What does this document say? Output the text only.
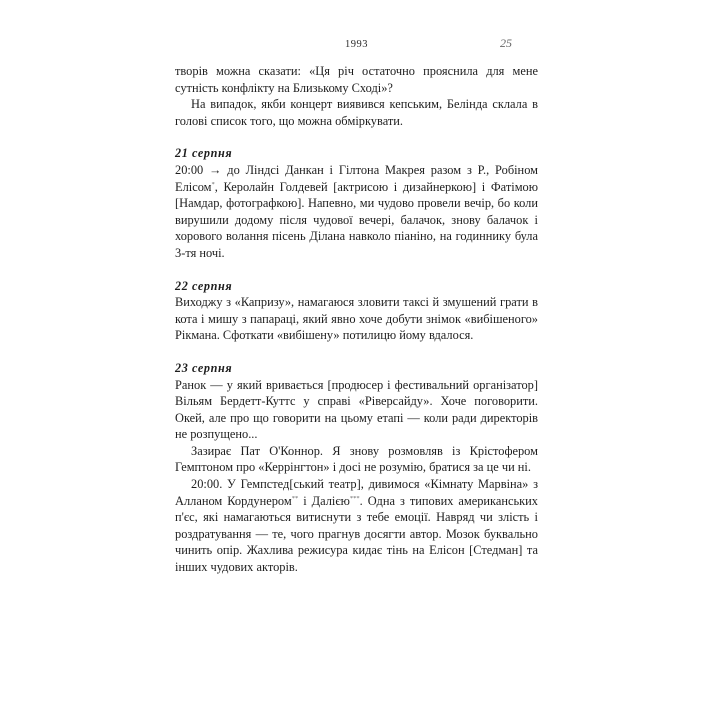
1993	25

творів можна сказати: «Ця річ остаточно прояснила для мене сутність конфлікту на Близькому Сході»?

На випадок, якби концерт виявився кепським, Белінда склала в голові список того, що можна обміркувати.

21 серпня

20:00 → до Ліндсі Данкан і Гілтона Макрея разом з Р., Робіном Елісом*, Керолайн Голдевей [актрисою і дизайнеркою] і Фатімою [Намдар, фотографкою]. Напевно, ми чудово провели вечір, бо коли вирушили додому після чудової вечері, балачок, знову балачок і хорового волання пісень Ділана навколо піаніно, на годиннику була 3-тя ночі.

22 серпня

Виходжу з «Капризу», намагаюся зловити таксі й змушений грати в кота і мишу з папараці, який явно хоче добути знімок «вибішеного» Рікмана. Сфоткати «вибішену» потилицю йому вдалося.

23 серпня

Ранок — у який вривається [продюсер і фестивальний організатор] Вільям Бердетт-Куттс у справі «Ріверсайду». Хоче поговорити. Окей, але про що говорити на цьому етапі — коли ради директорів не розпущено...

Зазирає Пат О'Коннор. Я знову розмовляв із Крістофером Гемптоном про «Керрінгтон» і досі не розумію, братися за це чи ні.

20:00. У Гемпстед[ський театр], дивимося «Кімнату Марвіна» з Алланом Кордунером** і Далією***. Одна з типових американських п'єс, які намагаються витиснути з тебе емоції. Навряд чи злість і роздратування — те, чого прагнув досягти автор. Мозок буквально чинить опір. Жахлива режисура кидає тінь на Елісон [Стедман] та інших чудових акторів.
